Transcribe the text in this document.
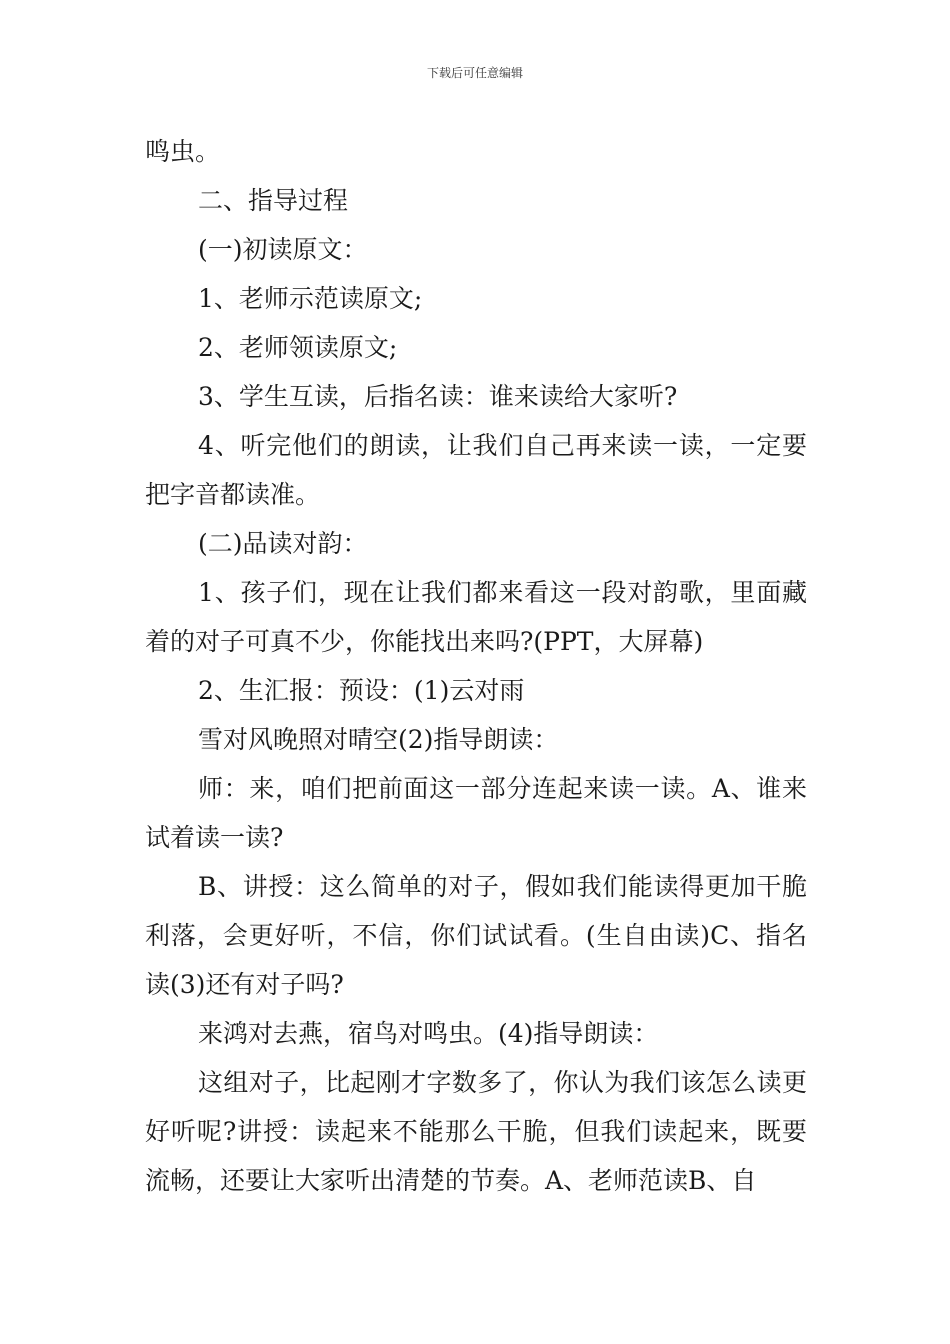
下载后可任意编辑

鸣虫。

二、指导过程

(一)初读原文：

1、老师示范读原文;

2、老师领读原文;

3、学生互读，后指名读：谁来读给大家听?

4、听完他们的朗读，让我们自己再来读一读，一定要把字音都读准。

(二)品读对韵：

1、孩子们，现在让我们都来看这一段对韵歌，里面藏着的对子可真不少，你能找出来吗?(PPT，大屏幕)

2、生汇报：预设：(1)云对雨

雪对风晚照对晴空(2)指导朗读：

师：来，咱们把前面这一部分连起来读一读。A、谁来试着读一读?

B、讲授：这么简单的对子，假如我们能读得更加干脆利落，会更好听，不信，你们试试看。(生自由读)C、指名读(3)还有对子吗?

来鸿对去燕，宿鸟对鸣虫。(4)指导朗读：

这组对子，比起刚才字数多了，你认为我们该怎么读更好听呢?讲授：读起来不能那么干脆，但我们读起来，既要流畅，还要让大家听出清楚的节奏。A、老师范读B、自
